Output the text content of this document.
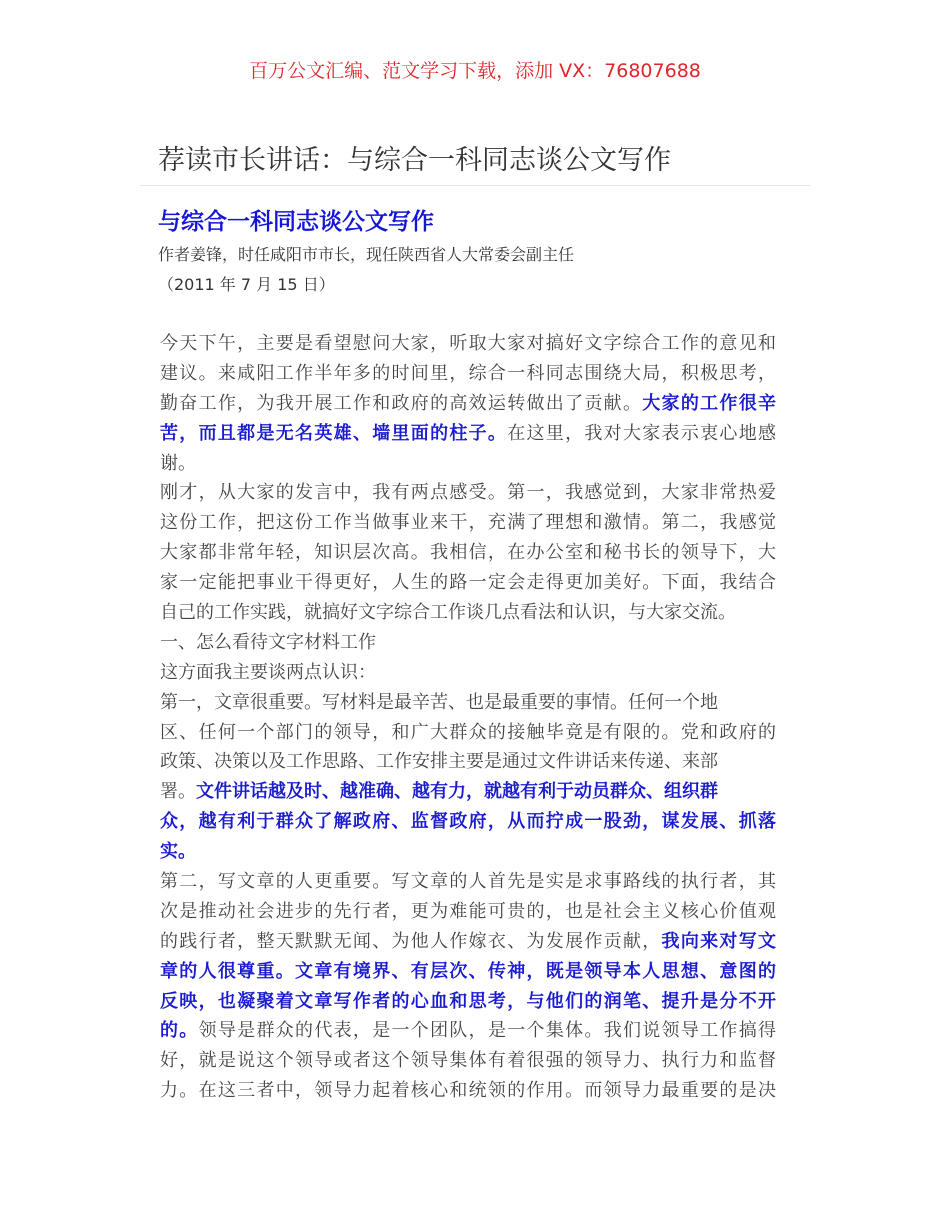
百万公文汇编、范文学习下载，添加 VX：76807688
荐读市长讲话：与综合一科同志谈公文写作
与综合一科同志谈公文写作
作者姜锋，时任咸阳市市长，现任陕西省人大常委会副主任
（2011 年 7 月 15 日）
今天下午，主要是看望慰问大家，听取大家对搞好文字综合工作的意见和
建议。来咸阳工作半年多的时间里，综合一科同志围绕大局，积极思考，
勤奋工作，为我开展工作和政府的高效运转做出了贡献。大家的工作很辛
苦，而且都是无名英雄、墙里面的柱子。在这里，我对大家表示衷心地感
谢。
刚才，从大家的发言中，我有两点感受。第一，我感觉到，大家非常热爱
这份工作，把这份工作当做事业来干，充满了理想和激情。第二，我感觉
大家都非常年轻，知识层次高。我相信，在办公室和秘书长的领导下，大
家一定能把事业干得更好，人生的路一定会走得更加美好。下面，我结合
自己的工作实践，就搞好文字综合工作谈几点看法和认识，与大家交流。
一、怎么看待文字材料工作
这方面我主要谈两点认识：
第一，文章很重要。写材料是最辛苦、也是最重要的事情。任何一个地
区、任何一个部门的领导，和广大群众的接触毕竟是有限的。党和政府的
政策、决策以及工作思路、工作安排主要是通过文件讲话来传递、来部
署。文件讲话越及时、越准确、越有力，就越有利于动员群众、组织群
众，越有利于群众了解政府、监督政府，从而拧成一股劲，谋发展、抓落
实。
第二，写文章的人更重要。写文章的人首先是实是求事路线的执行者，其
次是推动社会进步的先行者，更为难能可贵的，也是社会主义核心价值观
的践行者，整天默默无闻、为他人作嫁衣、为发展作贡献，我向来对写文
章的人很尊重。文章有境界、有层次、传神，既是领导本人思想、意图的
反映，也凝聚着文章写作者的心血和思考，与他们的润笔、提升是分不开
的。领导是群众的代表，是一个团队，是一个集体。我们说领导工作搞得
好，就是说这个领导或者这个领导集体有着很强的领导力、执行力和监督
力。在这三者中，领导力起着核心和统领的作用。而领导力最重要的是决
